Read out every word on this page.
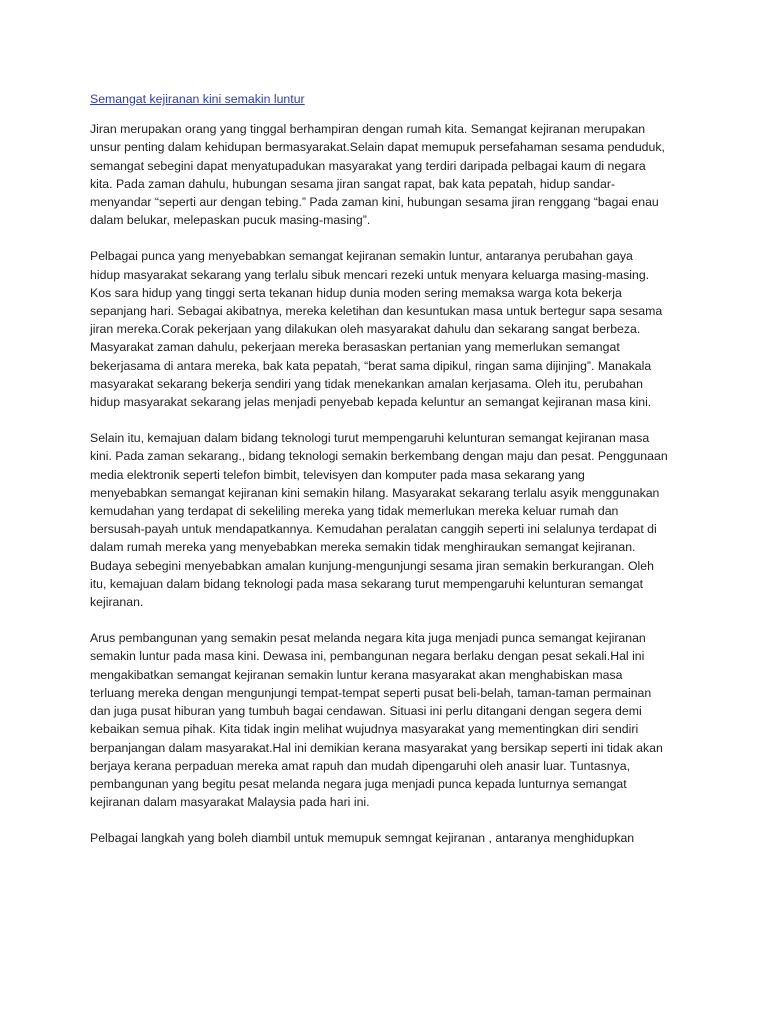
Semangat kejiranan kini semakin luntur

Jiran merupakan orang yang tinggal berhampiran dengan rumah kita. Semangat kejiranan merupakan
unsur penting dalam kehidupan bermasyarakat.Selain dapat memupuk persefahaman sesama penduduk,
semangat sebegini dapat menyatupadukan masyarakat yang terdiri daripada pelbagai kaum di negara
kita. Pada zaman dahulu, hubungan sesama jiran sangat rapat, bak kata pepatah, hidup sandar-
menyandar “seperti aur dengan tebing.” Pada zaman kini, hubungan sesama jiran renggang “bagai enau
dalam belukar, melepaskan pucuk masing-masing”.

Pelbagai punca yang menyebabkan semangat kejiranan semakin luntur, antaranya perubahan gaya
hidup masyarakat sekarang yang terlalu sibuk mencari rezeki untuk menyara keluarga masing-masing.
Kos sara hidup yang tinggi serta tekanan hidup dunia moden sering memaksa warga kota bekerja
sepanjang hari. Sebagai akibatnya, mereka keletihan dan kesuntukan masa untuk bertegur sapa sesama
jiran mereka.Corak pekerjaan yang dilakukan oleh masyarakat dahulu dan sekarang sangat berbeza.
Masyarakat zaman dahulu, pekerjaan mereka berasaskan pertanian yang memerlukan semangat
bekerjasama di antara mereka, bak kata pepatah, “berat sama dipikul, ringan sama dijinjing”. Manakala
masyarakat sekarang bekerja sendiri yang tidak menekankan amalan kerjasama. Oleh itu, perubahan
hidup masyarakat sekarang jelas menjadi penyebab kepada keluntur an semangat kejiranan masa kini.

Selain itu, kemajuan dalam bidang teknologi turut mempengaruhi kelunturan semangat kejiranan masa
kini. Pada zaman sekarang., bidang teknologi semakin berkembang dengan maju dan pesat. Penggunaan
media elektronik seperti telefon bimbit, televisyen dan komputer pada masa sekarang yang
menyebabkan semangat kejiranan kini semakin hilang. Masyarakat sekarang terlalu asyik menggunakan
kemudahan yang terdapat di sekeliling mereka yang tidak memerlukan mereka keluar rumah dan
bersusah-payah untuk mendapatkannya. Kemudahan peralatan canggih seperti ini selalunya terdapat di
dalam rumah mereka yang menyebabkan mereka semakin tidak menghiraukan semangat kejiranan.
Budaya sebegini menyebabkan amalan kunjung-mengunjungi sesama jiran semakin berkurangan. Oleh
itu, kemajuan dalam bidang teknologi pada masa sekarang turut mempengaruhi kelunturan semangat
kejiranan.

Arus pembangunan yang semakin pesat melanda negara kita juga menjadi punca semangat kejiranan
semakin luntur pada masa kini. Dewasa ini, pembangunan negara berlaku dengan pesat sekali.Hal ini
mengakibatkan semangat kejiranan semakin luntur kerana masyarakat akan menghabiskan masa
terluang mereka dengan mengunjungi tempat-tempat seperti pusat beli-belah, taman-taman permainan
dan juga pusat hiburan yang tumbuh bagai cendawan. Situasi ini perlu ditangani dengan segera demi
kebaikan semua pihak. Kita tidak ingin melihat wujudnya masyarakat yang mementingkan diri sendiri
berpanjangan dalam masyarakat.Hal ini demikian kerana masyarakat yang bersikap seperti ini tidak akan
berjaya kerana perpaduan mereka amat rapuh dan mudah dipengaruhi oleh anasir luar. Tuntasnya,
pembangunan yang begitu pesat melanda negara juga menjadi punca kepada lunturnya semangat
kejiranan dalam masyarakat Malaysia pada hari ini.

Pelbagai langkah yang boleh diambil untuk memupuk semngat kejiranan , antaranya menghidupkan
